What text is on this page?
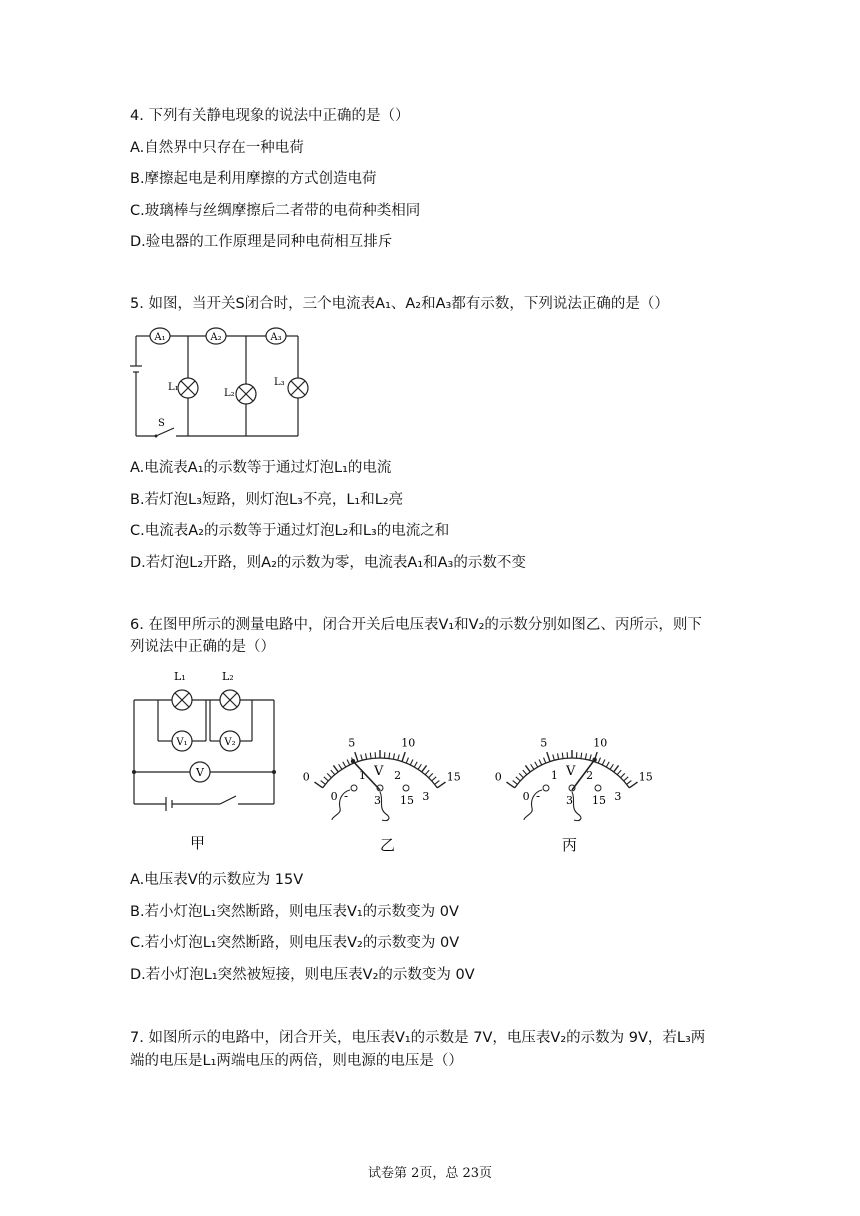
4. 下列有关静电现象的说法中正确的是（）
A.自然界中只存在一种电荷
B.摩擦起电是利用摩擦的方式创造电荷
C.玻璃棒与丝绸摩擦后二者带的电荷种类相同
D.验电器的工作原理是同种电荷相互排斥
5. 如图，当开关S闭合时，三个电流表A₁、A₂和A₃都有示数，下列说法正确的是（）
A₁	A₂	A₃
L₁
L₂
L₃
S
A.电流表A₁的示数等于通过灯泡L₁的电流
B.若灯泡L₃短路，则灯泡L₃不亮，L₁和L₂亮
C.电流表A₂的示数等于通过灯泡L₂和L₃的电流之和
D.若灯泡L₂开路，则A₂的示数为零，电流表A₁和A₃的示数不变
6. 在图甲所示的测量电路中，闭合开关后电压表V₁和V₂的示数分别如图乙、丙所示，则下
列说法中正确的是（）
L₁	L₂
V₁	V₂
V
甲
0
5	10
15
0
1	2
3
V
- 3 15
乙
0
5	10
15
0
1	2
3
V
- 3 15
丙
A.电压表V的示数应为 15V
B.若小灯泡L₁突然断路，则电压表V₁的示数变为 0V
C.若小灯泡L₁突然断路，则电压表V₂的示数变为 0V
D.若小灯泡L₁突然被短接，则电压表V₂的示数变为 0V
7. 如图所示的电路中，闭合开关，电压表V₁的示数是 7V，电压表V₂的示数为 9V，若L₃两
端的电压是L₁两端电压的两倍，则电源的电压是（）
试卷第 2页，总 23页
